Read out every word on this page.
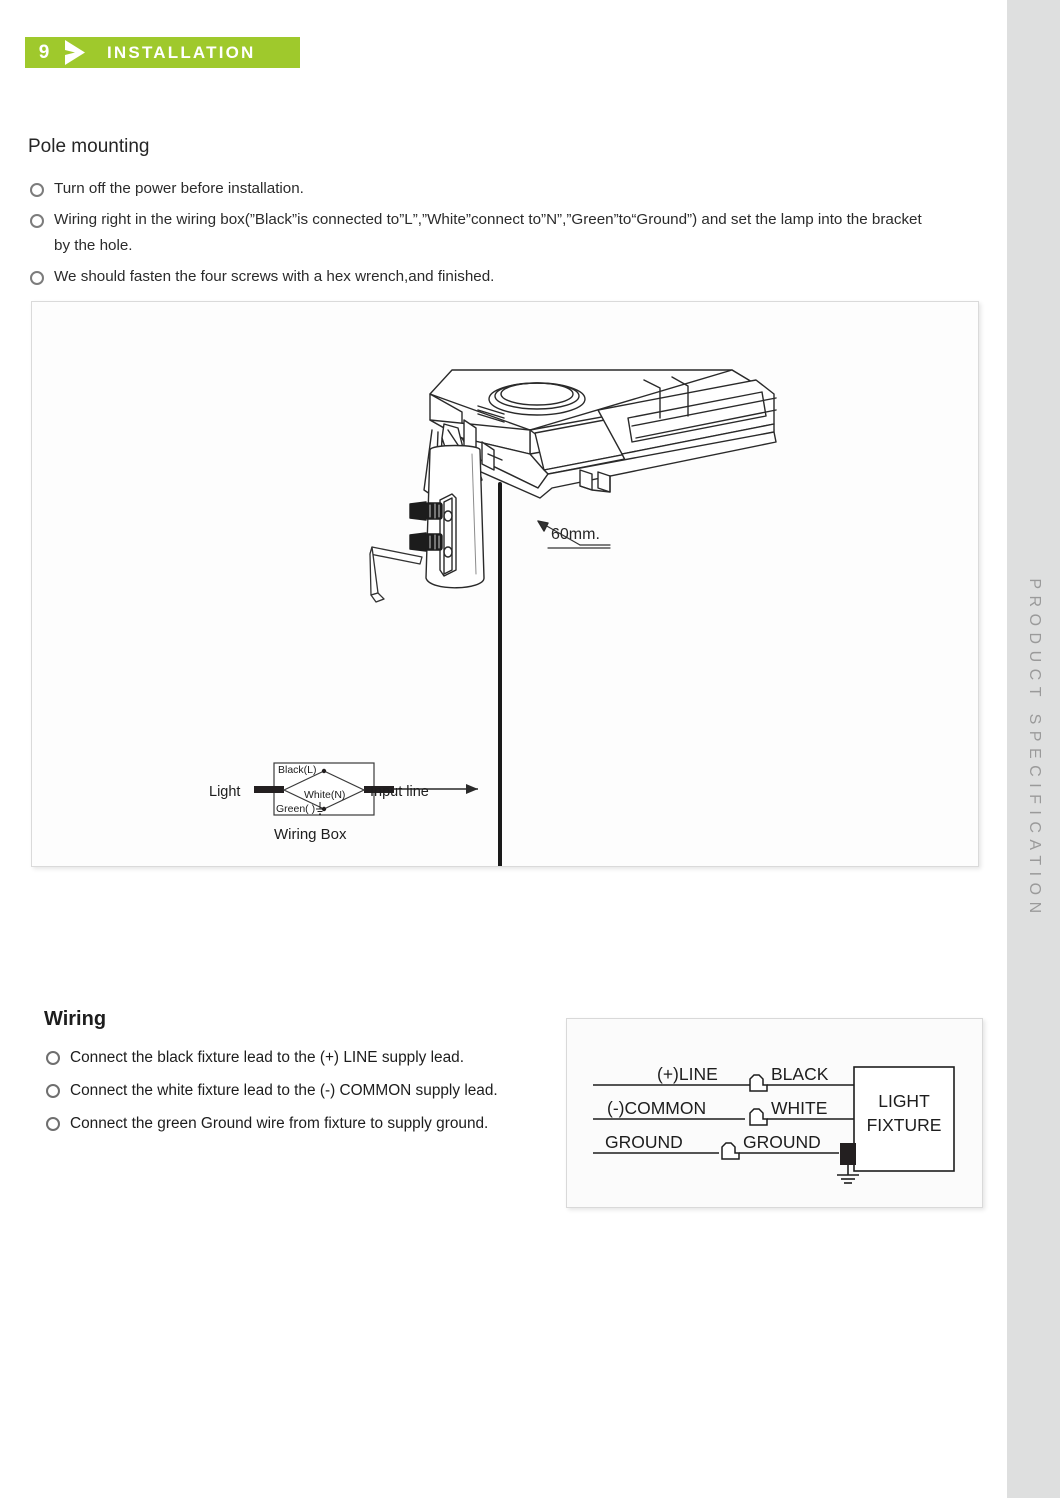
PRODUCT SPECIFICATION
9	INSTALLATION
Pole mounting
Turn off the power before installation.
Wiring right in the wiring box(”Black”is connected to”L”,”White”connect to”N”,”Green”to“Ground”) and set the lamp into the bracket by the hole.
We should fasten the four screws with a hex wrench,and finished.
60mm.
Black(L)
White(N)
Green( )
Light	Input line
Wiring Box
Wiring
Connect the black fixture lead to the (+) LINE supply lead.
Connect the white fixture lead to the (-) COMMON supply lead.
Connect the green Ground wire from fixture to supply ground.
(+)LINE
(-)COMMON
GROUND
BLACK
WHITE
GROUND
LIGHT
FIXTURE
